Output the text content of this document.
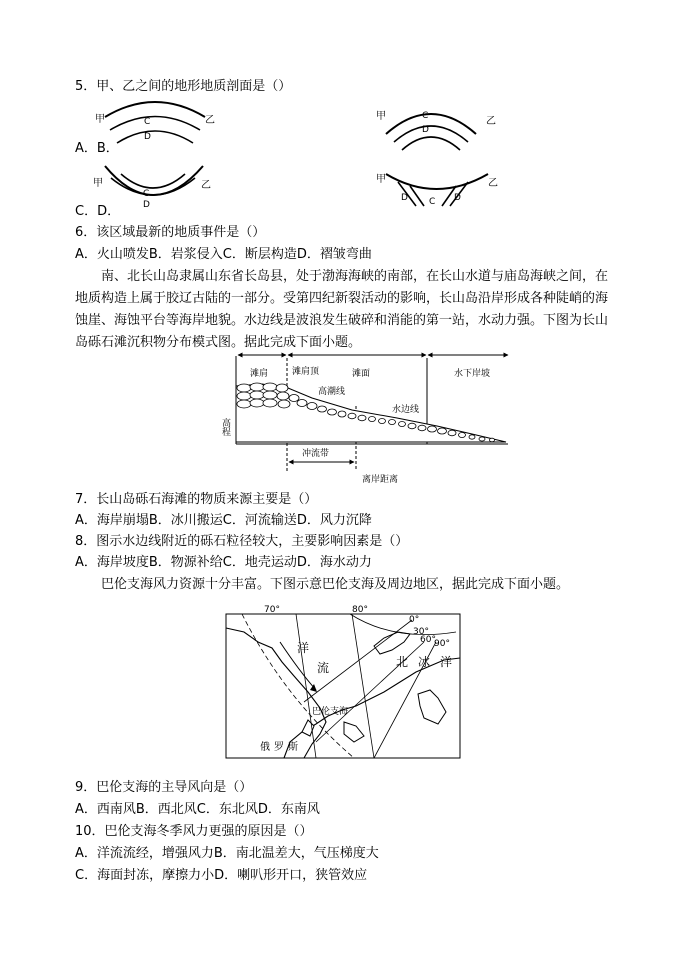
5．甲、乙之间的地形地质剖面是（）
甲	乙
C
D
A．B．
甲	乙
C
D
甲	乙
C
D
C．D．
甲	乙
D C D
6．该区域最新的地质事件是（）
A．火山喷发B．岩浆侵入C．断层构造D．褶皱弯曲
南、北长山岛隶属山东省长岛县，处于渤海海峡的南部，在长山水道与庙岛海峡之间，在地质构造上属于胶辽古陆的一部分。受第四纪新裂活动的影响，长山岛沿岸形成各种陡峭的海蚀崖、海蚀平台等海岸地貌。水边线是波浪发生破碎和消能的第一站，水动力强。下图为长山岛砾石滩沉积物分布模式图。据此完成下面小题。
滩肩	滩面	水下岸坡
滩肩顶
高潮线
水边线
冲流带
高程
离岸距离
7．长山岛砾石海滩的物质来源主要是（）
A．海岸崩塌B．冰川搬运C．河流输送D．风力沉降
8．图示水边线附近的砾石粒径较大，主要影响因素是（）
A．海岸坡度B．物源补给C．地壳运动D．海水动力
巴伦支海风力资源十分丰富。下图示意巴伦支海及周边地区，据此完成下面小题。
70°	80°
0°
30°
60°
90°
洋
流	北 冰 洋
巴伦支海
俄罗斯
9．巴伦支海的主导风向是（）
A．西南风B．西北风C．东北风D．东南风
10．巴伦支海冬季风力更强的原因是（）
A．洋流流经，增强风力B．南北温差大，气压梯度大
C．海面封冻，摩擦力小D．喇叭形开口，狭管效应
